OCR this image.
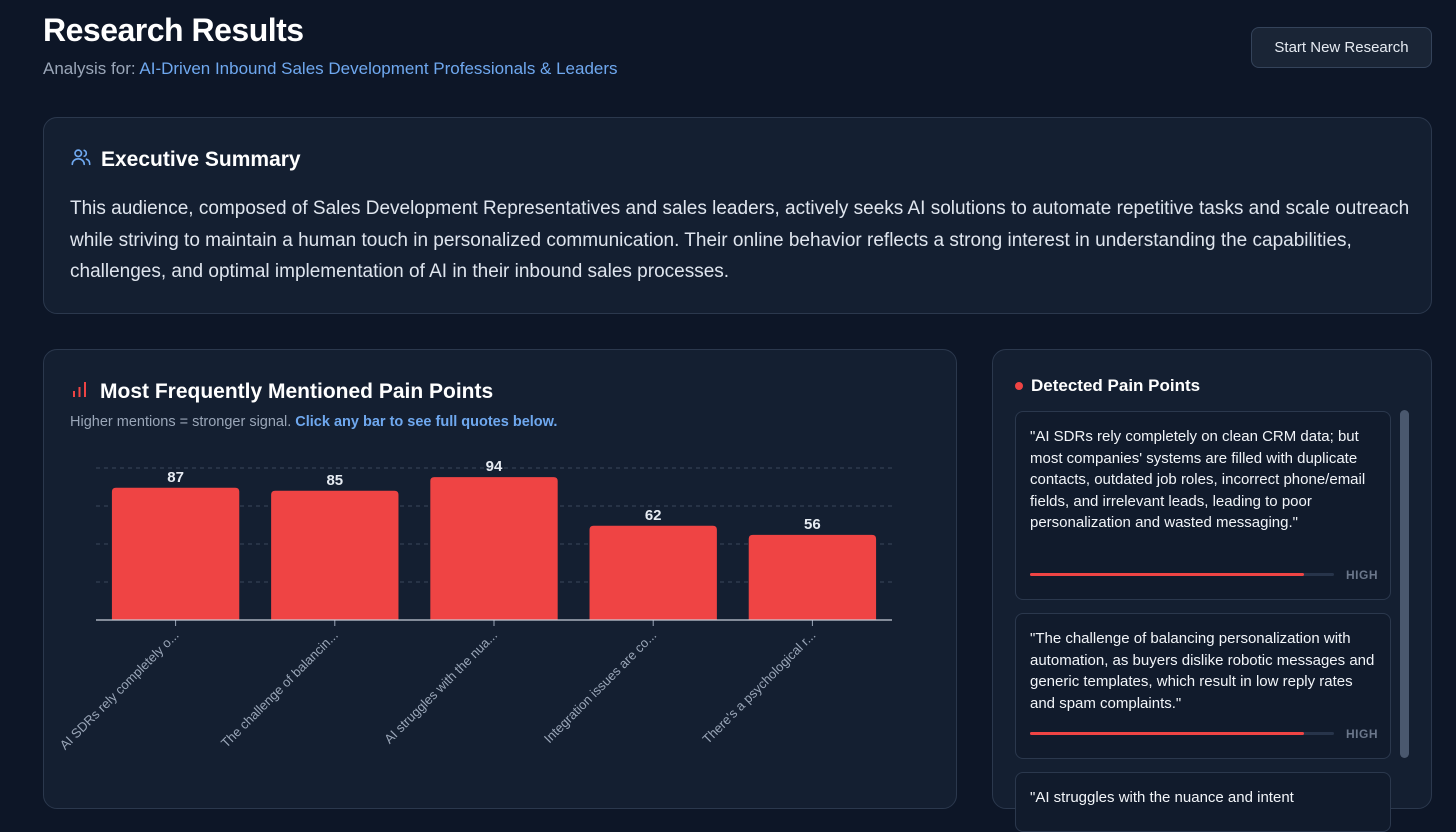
Research Results
Analysis for: AI-Driven Inbound Sales Development Professionals & Leaders
Start New Research
Executive Summary
This audience, composed of Sales Development Representatives and sales leaders, actively seeks AI solutions to automate repetitive tasks and scale outreach while striving to maintain a human touch in personalized communication. Their online behavior reflects a strong interest in understanding the capabilities, challenges, and optimal implementation of AI in their inbound sales processes.
Most Frequently Mentioned Pain Points
Higher mentions = stronger signal. Click any bar to see full quotes below.
87
AI SDRs rely completely o...
85
The challenge of balancin...
94
AI struggles with the nua...
62
Integration issues are co...
56
There's a psychological r...
Detected Pain Points
"AI SDRs rely completely on clean CRM data; but most companies' systems are filled with duplicate contacts, outdated job roles, incorrect phone/email fields, and irrelevant leads, leading to poor personalization and wasted messaging."
HIGH
"The challenge of balancing personalization with automation, as buyers dislike robotic messages and generic templates, which result in low reply rates and spam complaints."
HIGH
"AI struggles with the nuance and intent
